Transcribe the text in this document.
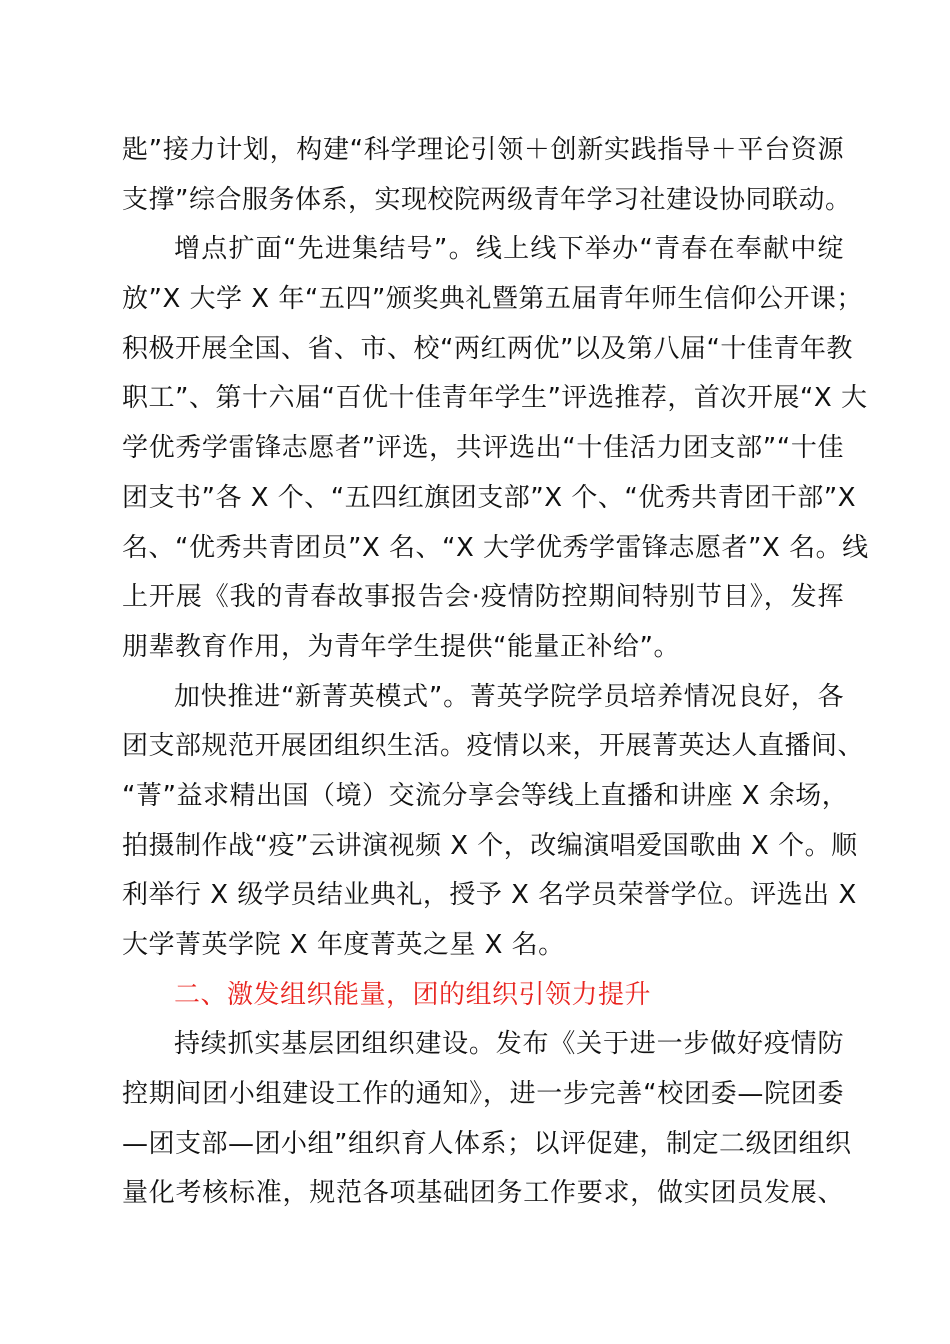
匙”接力计划，构建“科学理论引领＋创新实践指导＋平台资源
支撑”综合服务体系，实现校院两级青年学习社建设协同联动。
增点扩面“先进集结号”。线上线下举办“青春在奉献中绽
放”X 大学 X 年“五四”颁奖典礼暨第五届青年师生信仰公开课；
积极开展全国、省、市、校“两红两优”以及第八届“十佳青年教
职工”、第十六届“百优十佳青年学生”评选推荐，首次开展“X 大
学优秀学雷锋志愿者”评选，共评选出“十佳活力团支部”“十佳
团支书”各 X 个、“五四红旗团支部”X 个、“优秀共青团干部”X
名、“优秀共青团员”X 名、“X 大学优秀学雷锋志愿者”X 名。线
上开展《我的青春故事报告会·疫情防控期间特别节目》，发挥
朋辈教育作用，为青年学生提供“能量正补给”。
加快推进“新菁英模式”。菁英学院学员培养情况良好，各
团支部规范开展团组织生活。疫情以来，开展菁英达人直播间、
“菁”益求精出国（境）交流分享会等线上直播和讲座 X 余场，
拍摄制作战“疫”云讲演视频 X 个，改编演唱爱国歌曲 X 个。顺
利举行 X 级学员结业典礼，授予 X 名学员荣誉学位。评选出 X
大学菁英学院 X 年度菁英之星 X 名。
二、激发组织能量，团的组织引领力提升
持续抓实基层团组织建设。发布《关于进一步做好疫情防
控期间团小组建设工作的通知》，进一步完善“校团委—院团委
—团支部—团小组”组织育人体系；以评促建，制定二级团组织
量化考核标准，规范各项基础团务工作要求，做实团员发展、
